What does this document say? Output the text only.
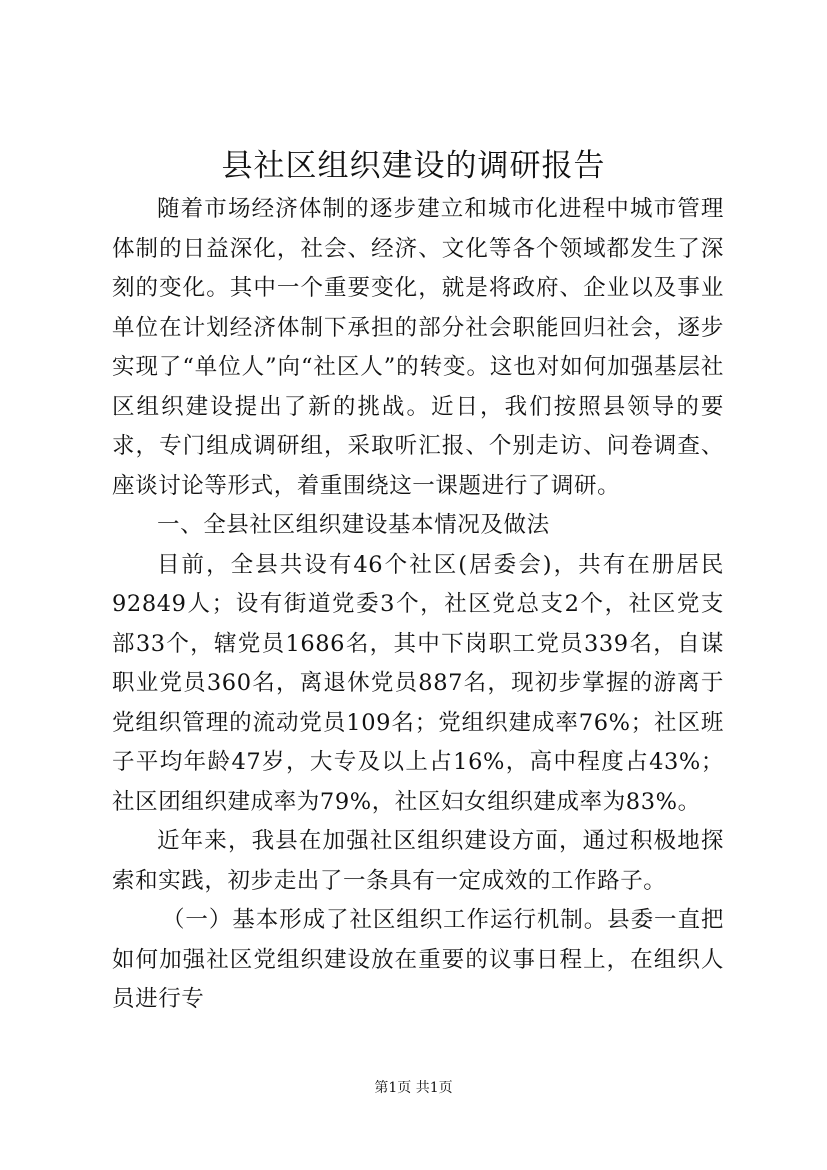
县社区组织建设的调研报告

随着市场经济体制的逐步建立和城市化进程中城市管理体制的日益深化，社会、经济、文化等各个领域都发生了深刻的变化。其中一个重要变化，就是将政府、企业以及事业单位在计划经济体制下承担的部分社会职能回归社会，逐步实现了“单位人”向“社区人”的转变。这也对如何加强基层社区组织建设提出了新的挑战。近日，我们按照县领导的要求，专门组成调研组，采取听汇报、个别走访、问卷调查、座谈讨论等形式，着重围绕这一课题进行了调研。

一、全县社区组织建设基本情况及做法

目前，全县共设有46个社区(居委会)，共有在册居民92849人；设有街道党委3个，社区党总支2个，社区党支部33个，辖党员1686名，其中下岗职工党员339名，自谋职业党员360名，离退休党员887名，现初步掌握的游离于党组织管理的流动党员109名；党组织建成率76%；社区班子平均年龄47岁，大专及以上占16%，高中程度占43%；社区团组织建成率为79%，社区妇女组织建成率为83%。

近年来，我县在加强社区组织建设方面，通过积极地探索和实践，初步走出了一条具有一定成效的工作路子。

（一）基本形成了社区组织工作运行机制。县委一直把如何加强社区党组织建设放在重要的议事日程上，在组织人员进行专

第1页 共1页
